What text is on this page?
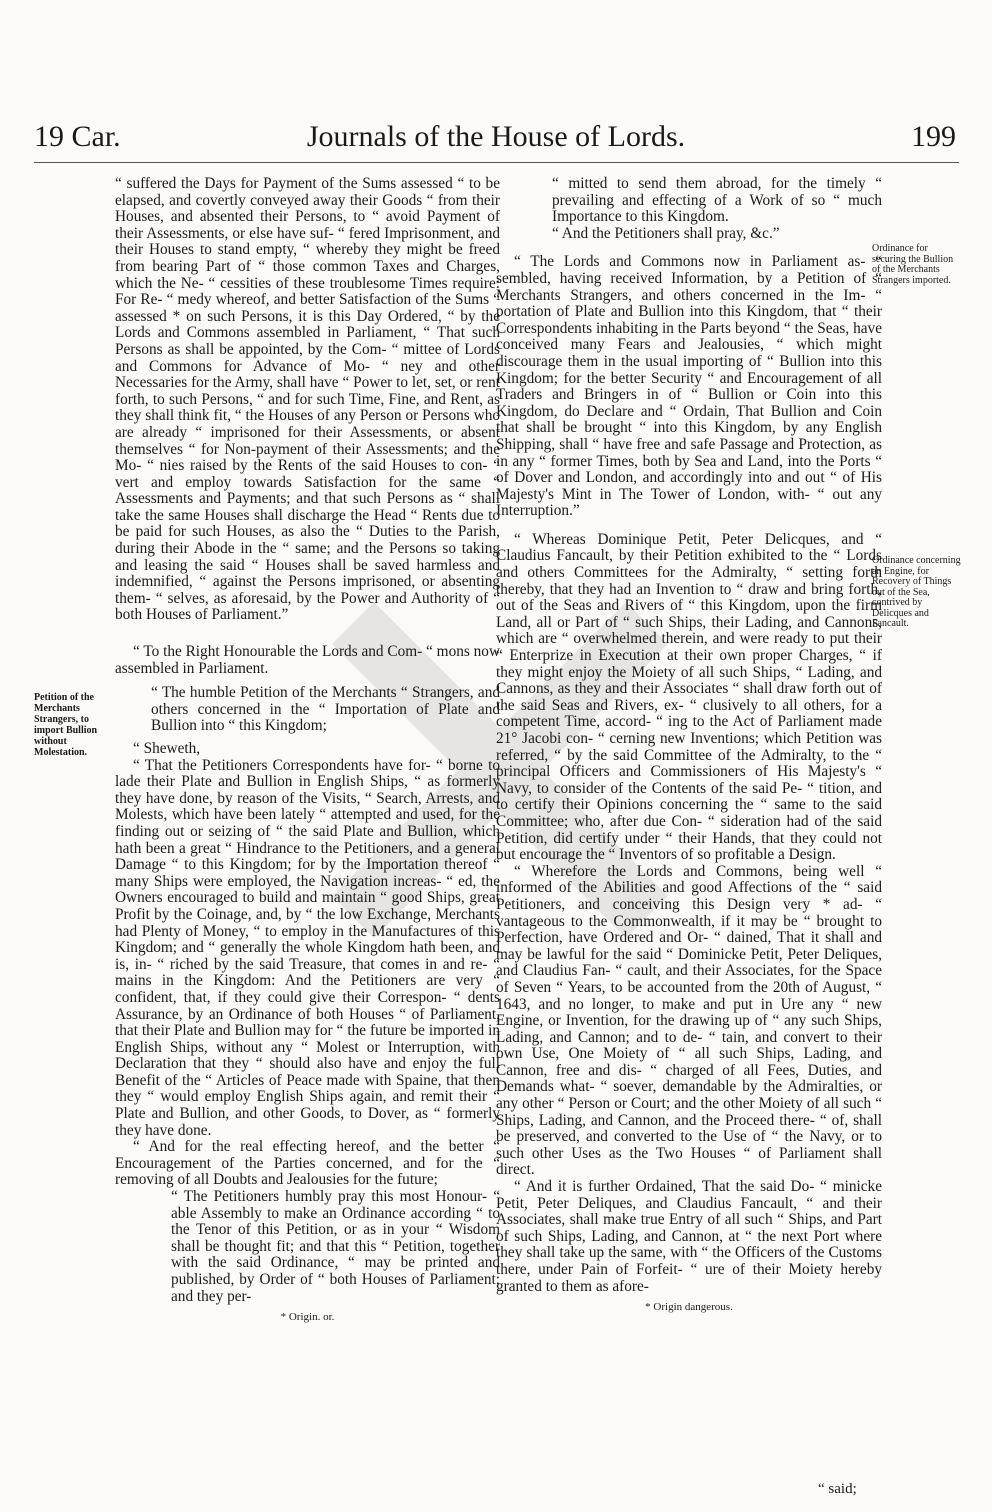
19 Car.	Journals of the House of Lords.	199
Petition of the Merchants Strangers, to import Bullion without Molestation.
Ordinance for securing the Bullion of the Merchants Strangers imported.
Ordinance concerning an Engine, for Recovery of Things out of the Sea, contrived by Delicques and Fancault.

“ suffered the Days for Payment of the Sums assessed “ to be elapsed, and covertly conveyed away their Goods “ from their Houses, and absented their Persons, to “ avoid Payment of their Assessments, or else have suf- “ fered Imprisonment, and their Houses to stand empty, “ whereby they might be freed from bearing Part of “ those common Taxes and Charges, which the Ne- “ cessities of these troublesome Times require: For Re- “ medy whereof, and better Satisfaction of the Sums “ assessed * on such Persons, it is this Day Ordered, “ by the Lords and Commons assembled in Parliament, “ That such Persons as shall be appointed, by the Com- “ mittee of Lords and Commons for Advance of Mo- “ ney and other Necessaries for the Army, shall have “ Power to let, set, or rent forth, to such Persons, “ and for such Time, Fine, and Rent, as they shall think fit, “ the Houses of any Person or Persons who are already “ imprisoned for their Assessments, or absent themselves “ for Non-payment of their Assessments; and the Mo- “ nies raised by the Rents of the said Houses to con- “ vert and employ towards Satisfaction for the same “ Assessments and Payments; and that such Persons as “ shall take the same Houses shall discharge the Head “ Rents due to be paid for such Houses, as also the “ Duties to the Parish, during their Abode in the “ same; and the Persons so taking and leasing the said “ Houses shall be saved harmless and indemnified, “ against the Persons imprisoned, or absenting them- “ selves, as aforesaid, by the Power and Authority of “ both Houses of Parliament.”

“ To the Right Honourable the Lords and Com- “ mons now assembled in Parliament.

“ The humble Petition of the Merchants “ Strangers, and others concerned in the “ Importation of Plate and Bullion into “ this Kingdom;

“ Sheweth,

“ That the Petitioners Correspondents have for- “ borne to lade their Plate and Bullion in English Ships, “ as formerly they have done, by reason of the Visits, “ Search, Arrests, and Molests, which have been lately “ attempted and used, for the finding out or seizing of “ the said Plate and Bullion, which hath been a great “ Hindrance to the Petitioners, and a general Damage “ to this Kingdom; for by the Importation thereof “ many Ships were employed, the Navigation increas- “ ed, the Owners encouraged to build and maintain “ good Ships, great Profit by the Coinage, and, by “ the low Exchange, Merchants had Plenty of Money, “ to employ in the Manufactures of this Kingdom; and “ generally the whole Kingdom hath been, and is, in- “ riched by the said Treasure, that comes in and re- “ mains in the Kingdom: And the Petitioners are very “ confident, that, if they could give their Correspon- “ dents Assurance, by an Ordinance of both Houses “ of Parliament, that their Plate and Bullion may for “ the future be imported in English Ships, without any “ Molest or Interruption, with Declaration that they “ should also have and enjoy the full Benefit of the “ Articles of Peace made with Spaine, that then they “ would employ English Ships again, and remit their “ Plate and Bullion, and other Goods, to Dover, as “ formerly they have done.

“ And for the real effecting hereof, and the better “ Encouragement of the Parties concerned, and for the “ removing of all Doubts and Jealousies for the future;

“ The Petitioners humbly pray this most Honour- “ able Assembly to make an Ordinance according “ to the Tenor of this Petition, or as in your “ Wisdom shall be thought fit; and that this “ Petition, together with the said Ordinance, “ may be printed and published, by Order of “ both Houses of Parliament; and they per-

* Origin. or.

“ mitted to send them abroad, for the timely “ prevailing and effecting of a Work of so “ much Importance to this Kingdom.

“ And the Petitioners shall pray, &c.”

“ The Lords and Commons now in Parliament as- “ sembled, having received Information, by a Petition of “ Merchants Strangers, and others concerned in the Im- “ portation of Plate and Bullion into this Kingdom, that “ their Correspondents inhabiting in the Parts beyond “ the Seas, have conceived many Fears and Jealousies, “ which might discourage them in the usual importing of “ Bullion into this Kingdom; for the better Security “ and Encouragement of all Traders and Bringers in of “ Bullion or Coin into this Kingdom, do Declare and “ Ordain, That Bullion and Coin that shall be brought “ into this Kingdom, by any English Shipping, shall “ have free and safe Passage and Protection, as in any “ former Times, both by Sea and Land, into the Ports “ of Dover and London, and accordingly into and out “ of His Majesty's Mint in The Tower of London, with- “ out any Interruption.”

“ Whereas Dominique Petit, Peter Delicques, and “ Claudius Fancault, by their Petition exhibited to the “ Lords and others Committees for the Admiralty, “ setting forth thereby, that they had an Invention to “ draw and bring forth, out of the Seas and Rivers of “ this Kingdom, upon the firm Land, all or Part of “ such Ships, their Lading, and Cannons, which are “ overwhelmed therein, and were ready to put their “ Enterprize in Execution at their own proper Charges, “ if they might enjoy the Moiety of all such Ships, “ Lading, and Cannons, as they and their Associates “ shall draw forth out of the said Seas and Rivers, ex- “ clusively to all others, for a competent Time, accord- “ ing to the Act of Parliament made 21° Jacobi con- “ cerning new Inventions; which Petition was referred, “ by the said Committee of the Admiralty, to the “ principal Officers and Commissioners of His Majesty's “ Navy, to consider of the Contents of the said Pe- “ tition, and to certify their Opinions concerning the “ same to the said Committee; who, after due Con- “ sideration had of the said Petition, did certify under “ their Hands, that they could not but encourage the “ Inventors of so profitable a Design.

“ Wherefore the Lords and Commons, being well “ informed of the Abilities and good Affections of the “ said Petitioners, and conceiving this Design very * ad- “ vantageous to the Commonwealth, if it may be “ brought to Perfection, have Ordered and Or- “ dained, That it shall and may be lawful for the said “ Dominicke Petit, Peter Deliques, and Claudius Fan- “ cault, and their Associates, for the Space of Seven “ Years, to be accounted from the 20th of August, “ 1643, and no longer, to make and put in Ure any “ new Engine, or Invention, for the drawing up of “ any such Ships, Lading, and Cannon; and to de- “ tain, and convert to their own Use, One Moiety of “ all such Ships, Lading, and Cannon, free and dis- “ charged of all Fees, Duties, and Demands what- “ soever, demandable by the Admiralties, or any other “ Person or Court; and the other Moiety of all such “ Ships, Lading, and Cannon, and the Proceed there- “ of, shall be preserved, and converted to the Use of “ the Navy, or to such other Uses as the Two Houses “ of Parliament shall direct.

“ And it is further Ordained, That the said Do- “ minicke Petit, Peter Deliques, and Claudius Fancault, “ and their Associates, shall make true Entry of all such “ Ships, and Part of such Ships, Lading, and Cannon, at “ the next Port where they shall take up the same, with “ the Officers of the Customs there, under Pain of Forfeit- “ ure of their Moiety hereby granted to them as afore-

* Origin dangerous.

“ said;
